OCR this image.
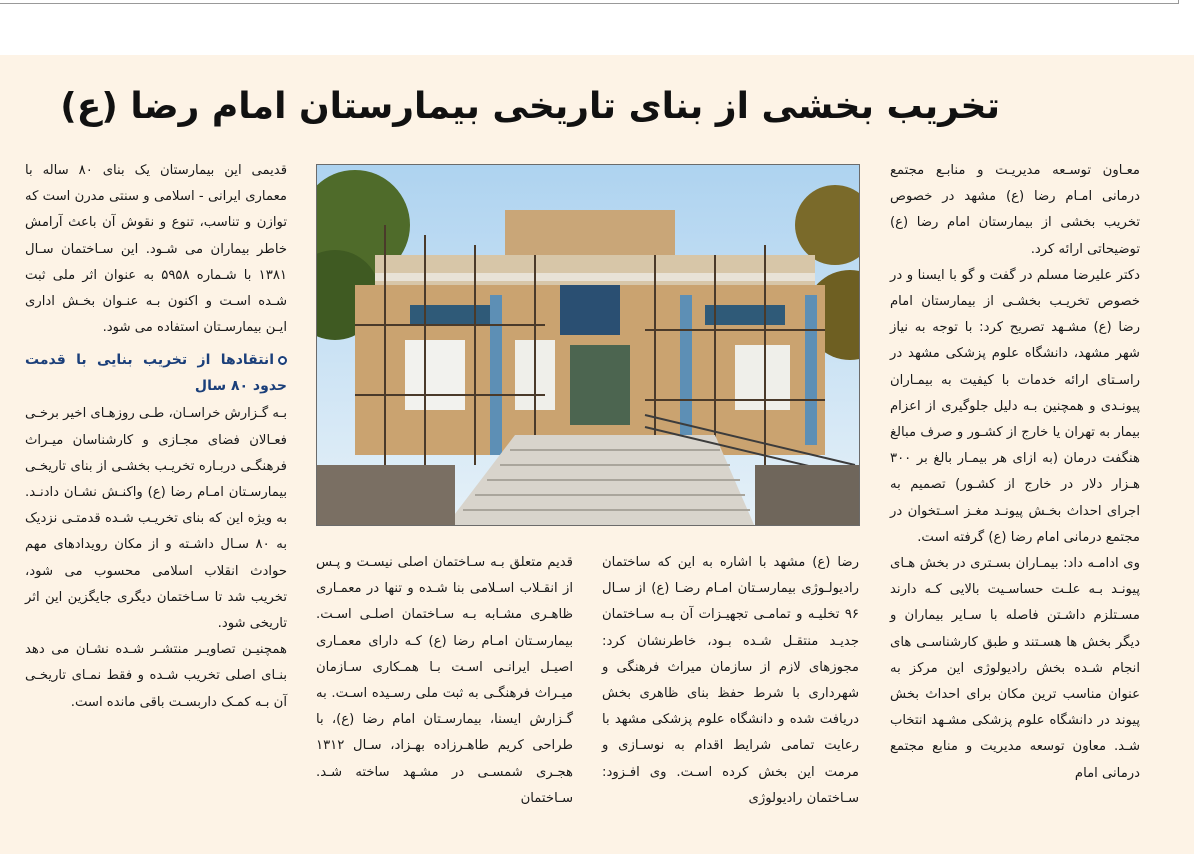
تخریب بخشی از بنای تاریخی بیمارستان امام رضا (ع)

معـاون توسـعه مدیریـت و منابـع مجتمع درمانی امـام رضا (ع) مشهد در خصوص تخریب بخشی از بیمارستان امام رضا (ع) توضیحاتی ارائه کرد.

دکتر علیرضا مسلم در گفت و گو با ایسنا و در خصوص تخریـب بخشـی از بیمارستان امام رضا (ع) مشـهد تصریح کرد: با توجه به نیاز شهر مشهد، دانشگاه علوم پزشکی مشهد در راسـتای ارائه خدمات با کیفیت به بیمـاران پیونـدی و همچنین بـه دلیل جلوگیری از اعزام بیمار به تهران یا خارج از کشـور و صرف مبالغ هنگفت درمان (به ازای هر بیمـار بالغ بر ۳۰۰ هـزار دلار در خارج از کشـور) تصمیم به اجرای احداث بخـش پیونـد مغـز اسـتخوان در مجتمع درمانی امام رضا (ع) گرفته است.

وی ادامـه داد: بیمـاران بسـتری در بخش هـای پیونـد بـه علـت حساسـیت بالایی کـه دارند مسـتلزم داشـتن فاصله با سـایر بیماران و دیگر بخش ها هسـتند و طبق کارشناسـی های انجام شـده بخش رادیولوژی این مرکز به عنوان مناسب ترین مکان برای احداث بخش پیوند در دانشگاه علوم پزشکی مشـهد انتخاب شـد. معاون توسعه مدیریت و منابع مجتمع درمانی امام

رضا (ع) مشهد با اشاره به این که ساختمان رادیولـوژی بیمارسـتان امـام رضـا (ع) از سـال ۹۶ تخلیـه و تمامـی تجهیـزات آن بـه سـاختمان جدیـد منتقـل شـده بـود، خاطرنشان کرد: مجوزهای لازم از سازمان میراث فرهنگی و شهرداری با شرط حفظ بنای ظاهری بخش دریافت شده و دانشگاه علوم پزشکی مشهد با رعایت تمامی شرایط اقدام به نوسـازی و مرمت این بخش کرده اسـت. وی افـزود: سـاختمان رادیولوژی

قدیم متعلق بـه سـاختمان اصلی نیسـت و پـس از انقـلاب اسـلامی بنا شـده و تنها در معمـاری ظاهـری مشـابه بـه سـاختمان اصلـی اسـت. بیمارسـتان امـام رضا (ع) کـه دارای معمـاری اصیـل ایرانـی اسـت بـا همـکاری سـازمان میـراث فرهنگـی به ثبت ملی رسـیده اسـت. به گـزارش ایسنا، بیمارسـتان امام رضا (ع)، با طراحی کریم طاهـرزاده بهـزاد، سـال ۱۳۱۲ هجـری شمسـی در مشـهد ساخته شـد. سـاختمان

قدیمی این بیمارستان یک بنای ۸۰ ساله با معماری ایرانی - اسلامی و سنتی مدرن است که توازن و تناسب، تنوع و نقوش آن باعث آرامش خاطر بیماران می شـود. این سـاختمان سـال ۱۳۸۱ با شـماره ۵۹۵۸ به عنوان اثر ملی ثبت شـده اسـت و اکنون بـه عنـوان بخـش اداری ایـن بیمارسـتان استفاده می شود.

انتقادها از تخریب بنایی با قدمت حدود ۸۰ سال

بـه گـزارش خراسـان، طـی روزهـای اخیر برخـی فعـالان فضای مجـازی و کارشناسان میـراث فرهنگـی دربـاره تخریـب بخشـی از بنای تاریخـی بیمارسـتان امـام رضا (ع) واکنـش نشـان دادنـد. به ویژه این که بنای تخریـب شـده قدمتـی نزدیک به ۸۰ سـال داشـته و از مکان رویدادهای مهم حوادث انقلاب اسلامی محسوب می شود، تخریب شد تا سـاختمان دیگری جایگزین این اثر تاریخی شود.

همچنیـن تصاویـر منتشـر شـده نشـان می دهد بنـای اصلی تخریب شـده و فقط نمـای تاریخـی آن بـه کمـک داربسـت باقی مانده است.
